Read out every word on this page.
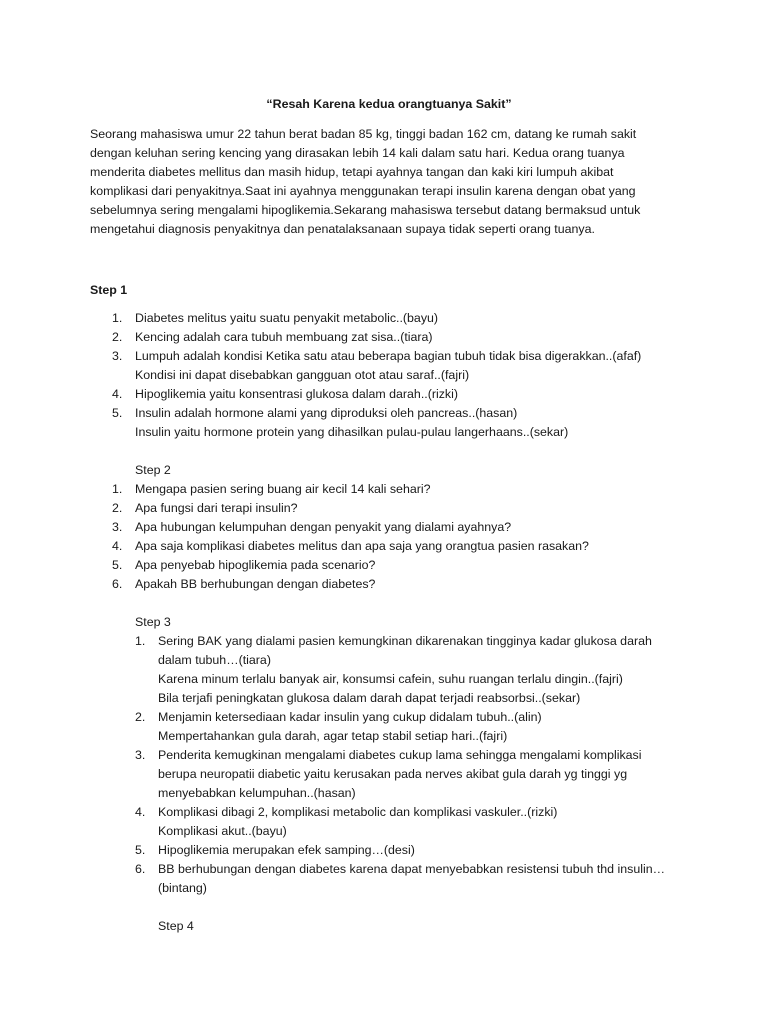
“Resah Karena kedua orangtuanya Sakit”

Seorang mahasiswa umur 22 tahun berat badan 85 kg, tinggi badan 162 cm, datang ke rumah sakit

dengan keluhan sering kencing yang dirasakan lebih 14 kali dalam satu hari. Kedua orang tuanya

menderita diabetes mellitus dan masih hidup, tetapi ayahnya tangan dan kaki kiri lumpuh akibat

komplikasi dari penyakitnya.Saat ini ayahnya menggunakan terapi insulin karena dengan obat yang

sebelumnya sering mengalami hipoglikemia.Sekarang mahasiswa tersebut datang bermaksud untuk

mengetahui diagnosis penyakitnya dan penatalaksanaan supaya tidak seperti orang tuanya.

Step 1
1.	Diabetes melitus yaitu suatu penyakit metabolic..(bayu)
2.	Kencing adalah cara tubuh membuang zat sisa..(tiara)
3.	Lumpuh adalah kondisi Ketika satu atau beberapa bagian tubuh tidak bisa digerakkan..(afaf)
Kondisi ini dapat disebabkan gangguan otot atau saraf..(fajri)
4.	Hipoglikemia yaitu konsentrasi glukosa dalam darah..(rizki)
5.	Insulin adalah hormone alami yang diproduksi oleh pancreas..(hasan)
Insulin yaitu hormone protein yang dihasilkan pulau-pulau langerhaans..(sekar)
Step 2
1.	Mengapa pasien sering buang air kecil 14 kali sehari?
2.	Apa fungsi dari terapi insulin?
3.	Apa hubungan kelumpuhan dengan penyakit yang dialami ayahnya?
4.	Apa saja komplikasi diabetes melitus dan apa saja yang orangtua pasien rasakan?
5.	Apa penyebab hipoglikemia pada scenario?
6.	Apakah BB berhubungan dengan diabetes?
Step 3
1.	Sering BAK yang dialami pasien kemungkinan dikarenakan tingginya kadar glukosa darah
dalam tubuh…(tiara)
Karena minum terlalu banyak air, konsumsi cafein, suhu ruangan terlalu dingin..(fajri)
Bila terjafi peningkatan glukosa dalam darah dapat terjadi reabsorbsi..(sekar)
2.	Menjamin ketersediaan kadar insulin yang cukup didalam tubuh..(alin)
Mempertahankan gula darah, agar tetap stabil setiap hari..(fajri)
3.	Penderita kemugkinan mengalami diabetes cukup lama sehingga mengalami komplikasi
berupa neuropatii diabetic yaitu kerusakan pada nerves akibat gula darah yg tinggi yg
menyebabkan kelumpuhan..(hasan)
4.	Komplikasi dibagi 2, komplikasi metabolic dan komplikasi vaskuler..(rizki)
Komplikasi akut..(bayu)
5.	Hipoglikemia merupakan efek samping…(desi)
6.	BB berhubungan dengan diabetes karena dapat menyebabkan resistensi tubuh thd insulin…
(bintang)
Step 4
